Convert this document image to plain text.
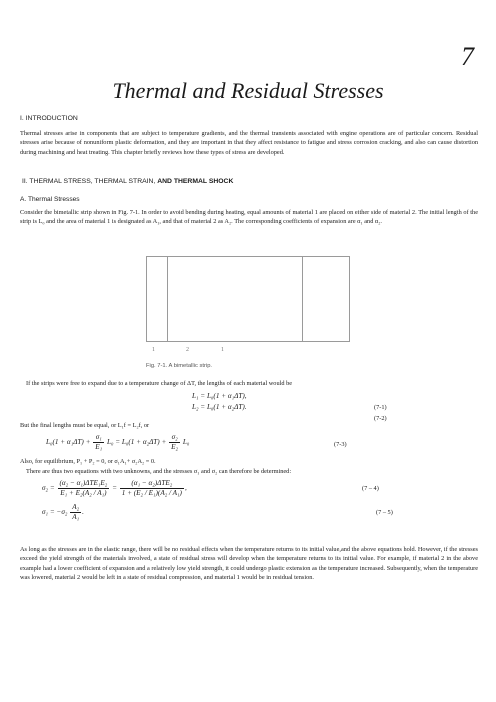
7
Thermal and Residual Stresses
I. INTRODUCTION
Thermal stresses arise in components that are subject to temperature gradients, and the thermal transients associated with engine operations are of particular concern. Residual stresses arise because of nonuniform plastic deformation, and they are important in that they affect resistance to fatigue and stress corrosion cracking, and also can cause distortion during machining and heat treating. This chapter briefly reviews how these types of stress are developed.
II. THERMAL STRESS, THERMAL STRAIN, AND THERMAL SHOCK
A. Thermal Stresses
Consider the bimetallic strip shown in Fig. 7-1. In order to avoid bending during heating, equal amounts of material 1 are placed on either side of material 2. The initial length of the strip is L₀ and the area of material 1 is designated as A₁, and that of material 2 as A₂. The corresponding coefficients of expansion are α₁ and α₂.
1	2	1
Fig. 7-1. A bimetallic strip.
If the strips were free to expand due to a temperature change of ΔT, the lengths of each material would be
L₁ = L₀(1 + α₁ΔT),
L₂ = L₀(1 + α₂ΔT).	(7-1)
(7-2)
But the final lengths must be equal, or L₁f = L₂f, or
$L_0(1 + \alpha_1\Delta T) + \frac{\text{σ₁}}{\text{E₁}} L_0 = L_0(1 + \alpha_2\Delta T) + \frac{\text{σ₂}}{\text{E₂}} L_0$	(7-3)
Also, for equilibrium, P₁ + P₂ = 0, or σ₁A₁+ σ₂A₂ = 0.
There are thus two equations with two unknowns, and the stresses σ₁ and σ₂ can therefore be determined:
$\sigma_2 = \frac{\text{(α₂ − α₁)ΔTE₁E₂}}{\text{E₁ + E₂(A₂ / A₁)}} = \frac{\text{(α₁ − α₂)ΔTE₂}}{\text{1 + (E₂ / E₁)(A₂ / A₁)}}$ ,	(7 – 4)
$\sigma_1 = -\sigma_2 \frac{\text{A₂}}{\text{A₁}}$ .	(7 – 5)
As long as the stresses are in the elastic range, there will be no residual effects when the temperature returns to its initial value,and the above equations hold. However, if the stresses exceed the yield strength of the materials involved, a state of residual stress will develop when the temperature returns to its initial value. For example, if material 2 in the above example had a lower coefficient of expansion and a relatively low yield strength, it could undergo plastic extension as the temperature increased. Subsequently, when the temperature was lowered, material 2 would be left in a state of residual compression, and material 1 would be in residual tension.
